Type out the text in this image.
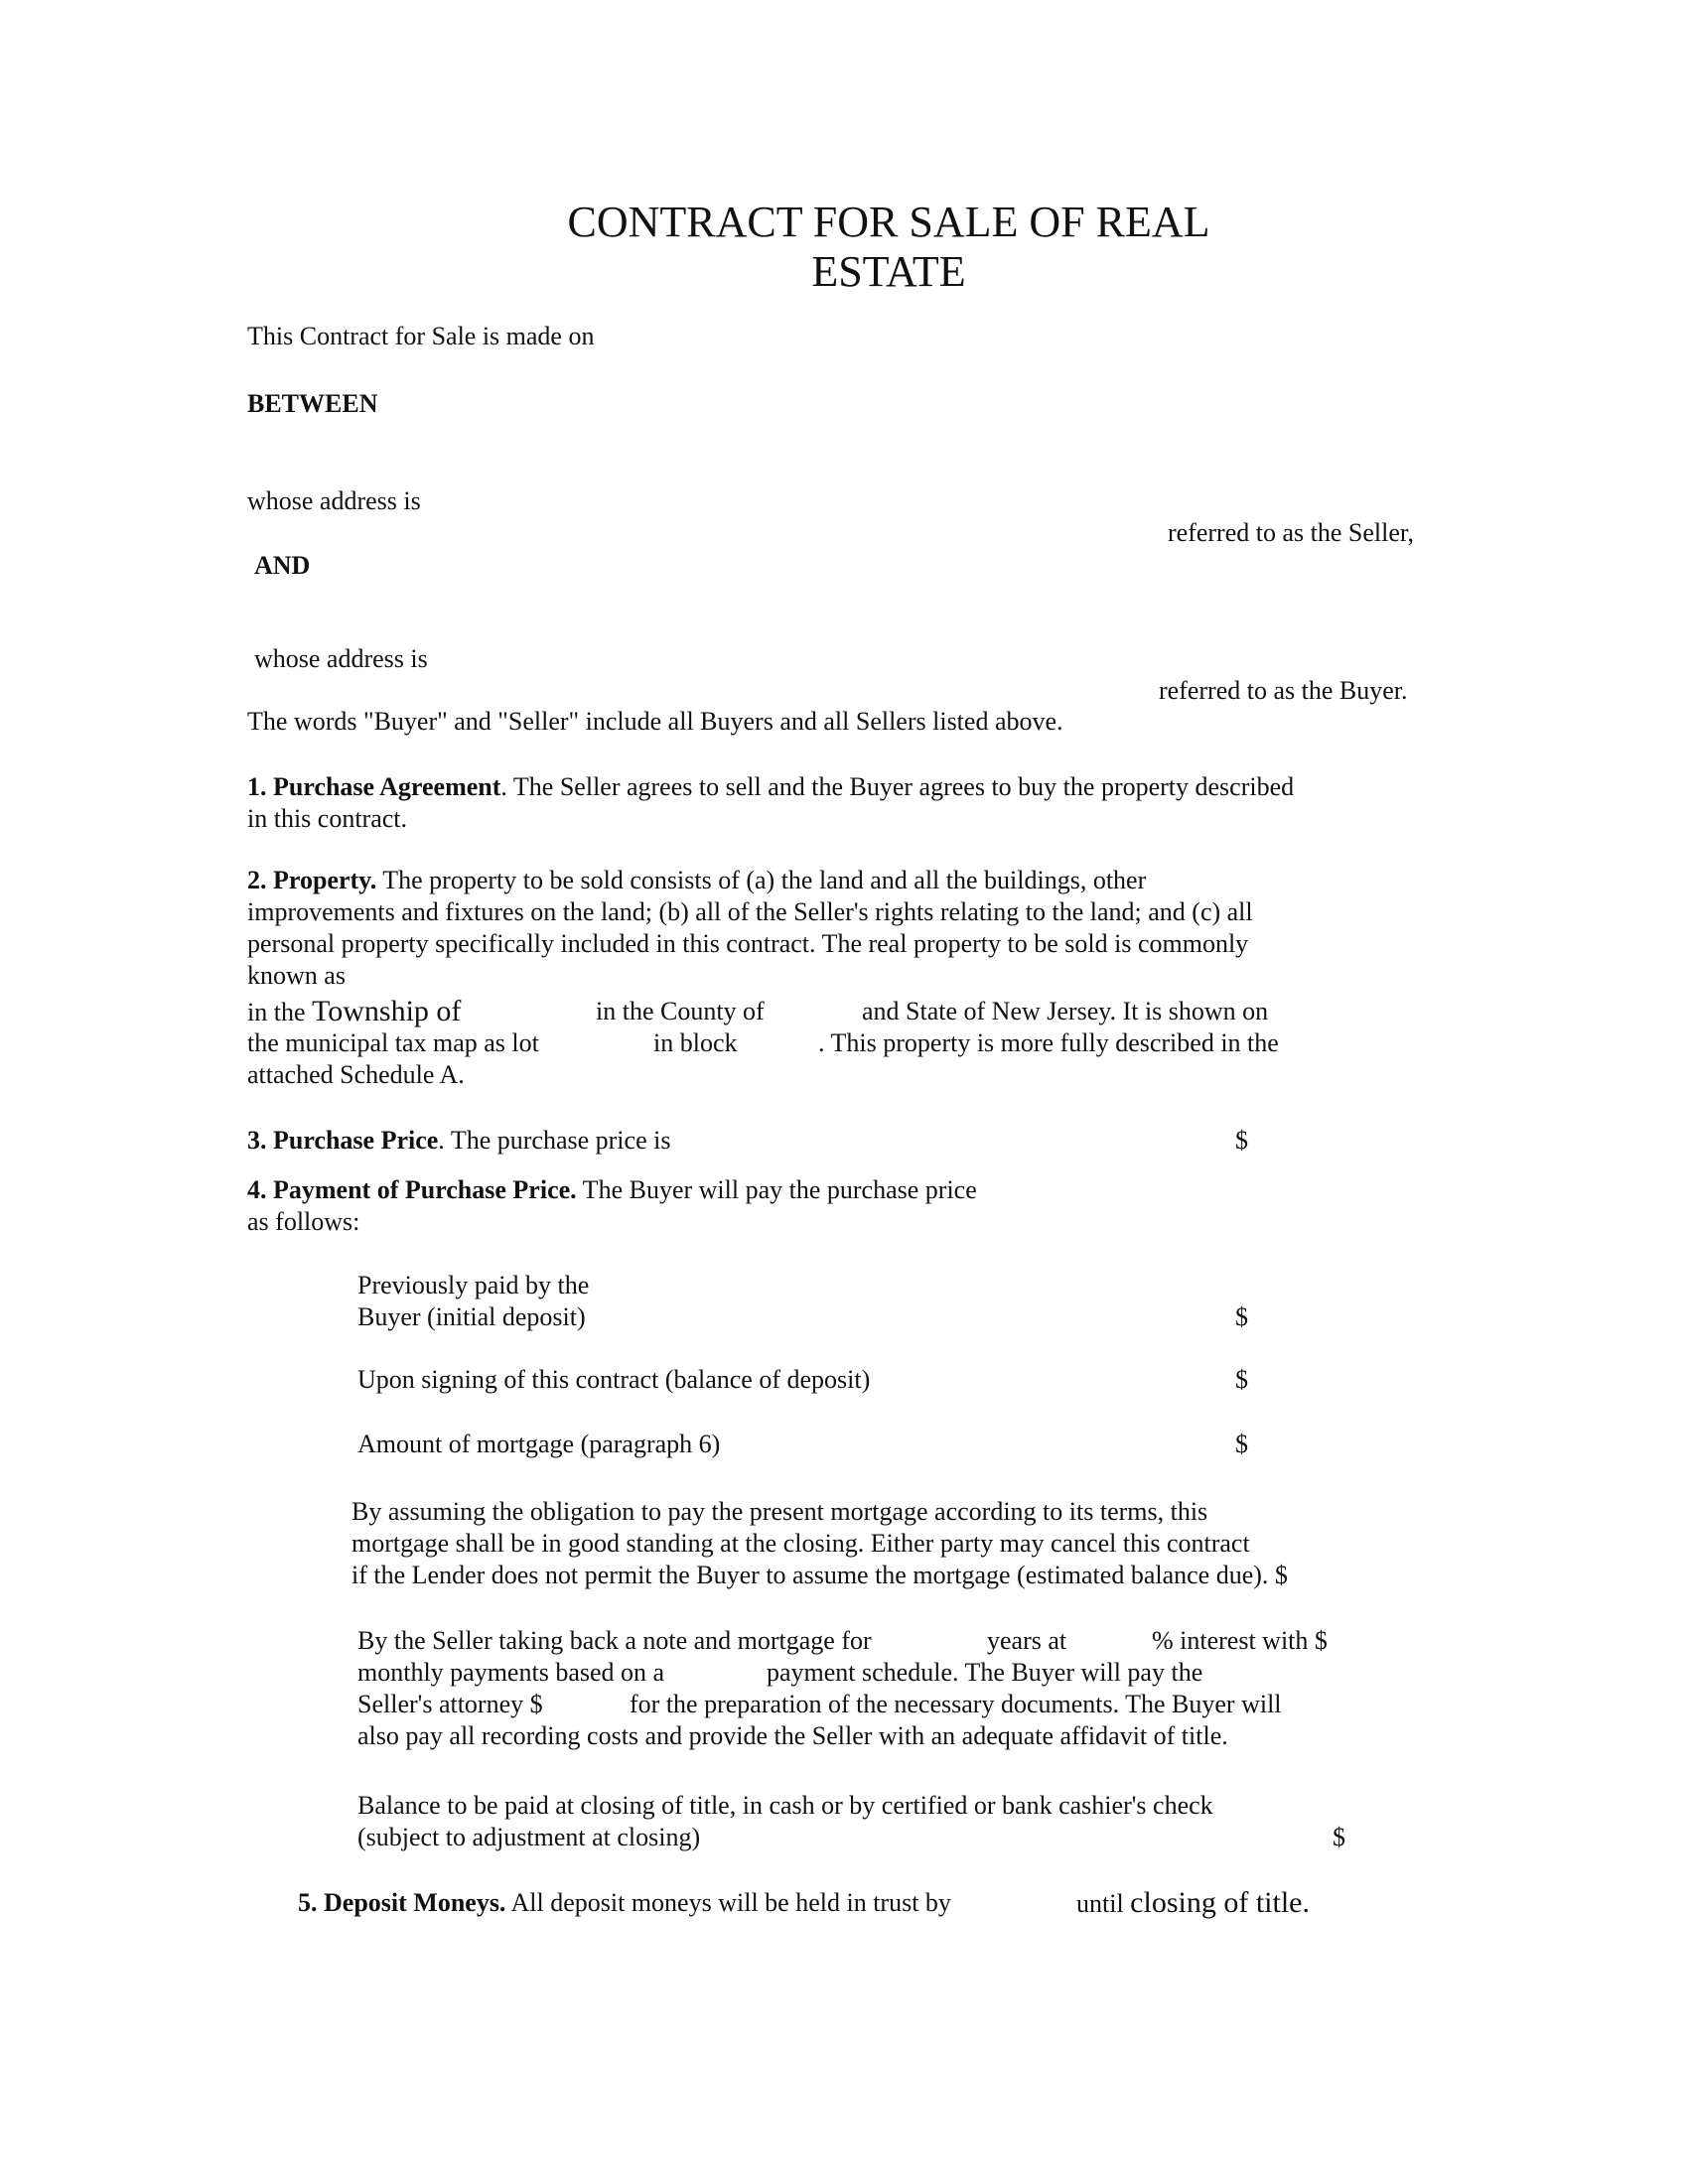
CONTRACT FOR SALE OF REAL
ESTATE
This Contract for Sale is made on
BETWEEN
whose address is
referred to as the Seller,
AND
whose address is
referred to as the Buyer.
The words "Buyer" and "Seller" include all Buyers and all Sellers listed above.
1. Purchase Agreement. The Seller agrees to sell and the Buyer agrees to buy the property described
in this contract.
2. Property. The property to be sold consists of (a) the land and all the buildings, other
improvements and fixtures on the land; (b) all of the Seller's rights relating to the land; and (c) all
personal property specifically included in this contract. The real property to be sold is commonly
known as
in the Township of	in the County of	and State of New Jersey. It is shown on
the municipal tax map as lot	in block	. This property is more fully described in the
attached Schedule A.
3. Purchase Price. The purchase price is	$
4. Payment of Purchase Price. The Buyer will pay the purchase price
as follows:
Previously paid by the
Buyer (initial deposit)	$
Upon signing of this contract (balance of deposit)	$
Amount of mortgage (paragraph 6)	$
By assuming the obligation to pay the present mortgage according to its terms, this
mortgage shall be in good standing at the closing. Either party may cancel this contract
if the Lender does not permit the Buyer to assume the mortgage (estimated balance due). $
By the Seller taking back a note and mortgage for	years at	% interest with $
monthly payments based on a	payment schedule. The Buyer will pay the
Seller's attorney $	for the preparation of the necessary documents. The Buyer will
also pay all recording costs and provide the Seller with an adequate affidavit of title.
Balance to be paid at closing of title, in cash or by certified or bank cashier's check
(subject to adjustment at closing)	$
5. Deposit Moneys. All deposit moneys will be held in trust by	until closing of title.
